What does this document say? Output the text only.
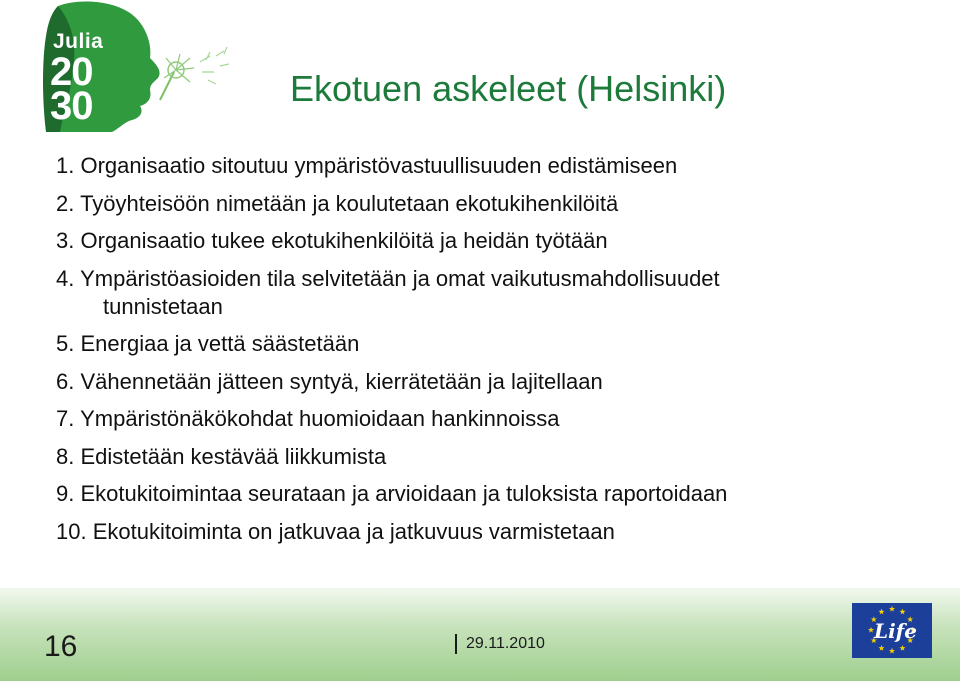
Julia
20
30	Ekotuen askeleet (Helsinki)
1. Organisaatio sitoutuu ympäristövastuullisuuden edistämiseen
2. Työyhteisöön nimetään ja koulutetaan ekotukihenkilöitä
3. Organisaatio tukee ekotukihenkilöitä ja heidän työtään
4. Ympäristöasioiden tila selvitetään ja omat vaikutusmahdollisuudet
tunnistetaan
5. Energiaa ja vettä säästetään
6. Vähennetään jätteen syntyä, kierrätetään ja lajitellaan
7. Ympäristönäkökohdat huomioidaan hankinnoissa
8. Edistetään kestävää liikkumista
9. Ekotukitoimintaa seurataan ja arvioidaan ja tuloksista raportoidaan
10. Ekotukitoiminta on jatkuvaa ja jatkuvuus varmistetaan
16	29.11.2010
Life
